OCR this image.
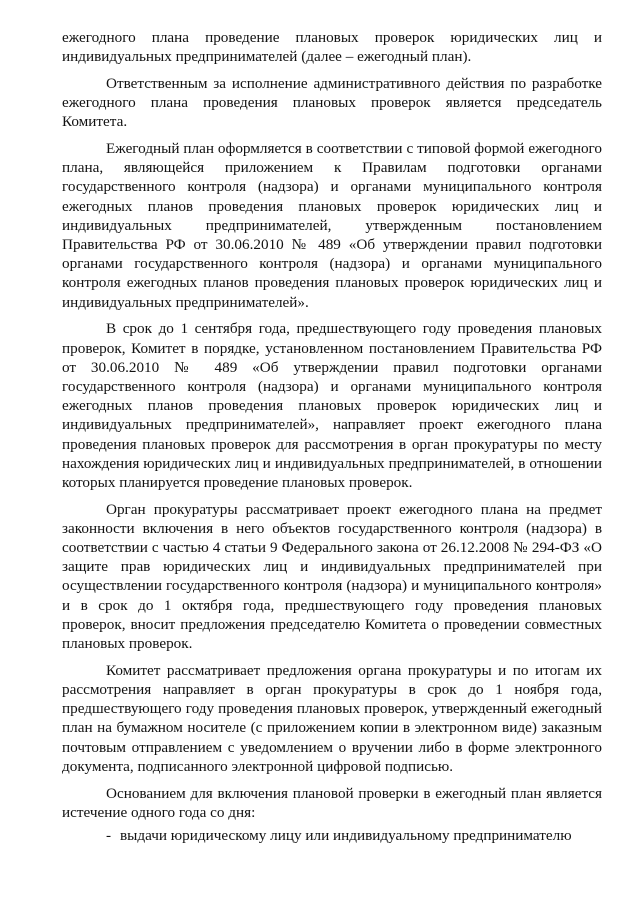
ежегодного плана проведение плановых проверок юридических лиц и индивидуальных предпринимателей (далее – ежегодный план).

Ответственным за исполнение административного действия по разработке ежегодного плана проведения плановых проверок является председатель Комитета.

Ежегодный план оформляется в соответствии с типовой формой ежегодного плана, являющейся приложением к Правилам подготовки органами государственного контроля (надзора) и органами муниципального контроля ежегодных планов проведения плановых проверок юридических лиц и индивидуальных предпринимателей, утвержденным постановлением Правительства РФ от 30.06.2010 № 489 «Об утверждении правил подготовки органами государственного контроля (надзора) и органами муниципального контроля ежегодных планов проведения плановых проверок юридических лиц и индивидуальных предпринимателей».

В срок до 1 сентября года, предшествующего году проведения плановых проверок, Комитет в порядке, установленном постановлением Правительства РФ от 30.06.2010 № 489 «Об утверждении правил подготовки органами государственного контроля (надзора) и органами муниципального контроля ежегодных планов проведения плановых проверок юридических лиц и индивидуальных предпринимателей», направляет проект ежегодного плана проведения плановых проверок для рассмотрения в орган прокуратуры по месту нахождения юридических лиц и индивидуальных предпринимателей, в отношении которых планируется проведение плановых проверок.

Орган прокуратуры рассматривает проект ежегодного плана на предмет законности включения в него объектов государственного контроля (надзора) в соответствии с частью 4 статьи 9 Федерального закона от 26.12.2008 № 294-ФЗ «О защите прав юридических лиц и индивидуальных предпринимателей при осуществлении государственного контроля (надзора) и муниципального контроля» и в срок до 1 октября года, предшествующего году проведения плановых проверок, вносит предложения председателю Комитета о проведении совместных плановых проверок.

Комитет рассматривает предложения органа прокуратуры и по итогам их рассмотрения направляет в орган прокуратуры в срок до 1 ноября года, предшествующего году проведения плановых проверок, утвержденный ежегодный план на бумажном носителе (с приложением копии в электронном виде) заказным почтовым отправлением с уведомлением о вручении либо в форме электронного документа, подписанного электронной цифровой подписью.

Основанием для включения плановой проверки в ежегодный план является истечение одного года со дня:

- выдачи юридическому лицу или индивидуальному предпринимателю
